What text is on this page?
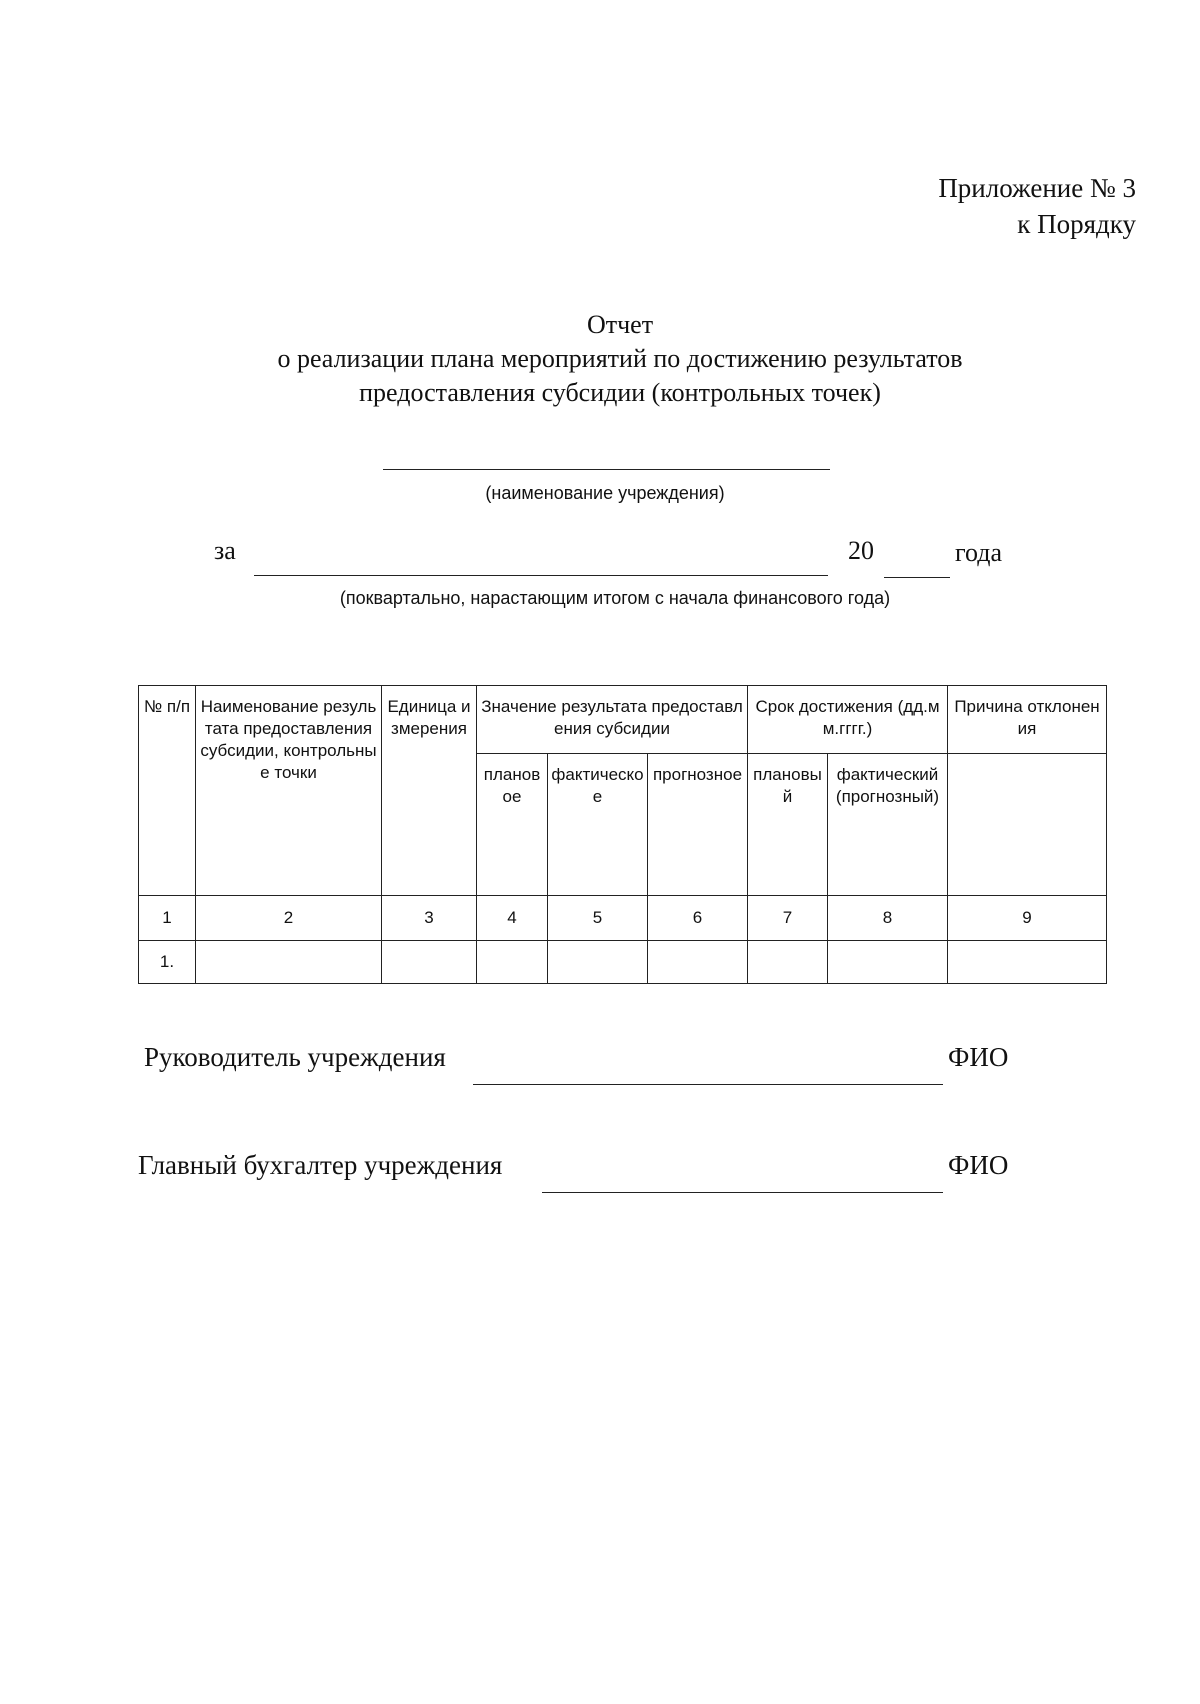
Приложение № 3
к Порядку
Отчет
о реализации плана мероприятий по достижению результатов
предоставления субсидии (контрольных точек)
(наименование учреждения)
за	20	года
(поквартально, нарастающим итогом с начала финансового года)
№ п/п	Наименование результата предоставления субсидии, контрольные точки	Единица измерения	Значение результата предоставления субсидии			Срок достижения (дд.мм.гггг.)		Причина отклонения
			плановое	фактическое	прогнозное	плановый	фактический (прогнозный)	
1	2	3	4	5	6	7	8	9
1.								
Руководитель учреждения	ФИО
Главный бухгалтер учреждения	ФИО
